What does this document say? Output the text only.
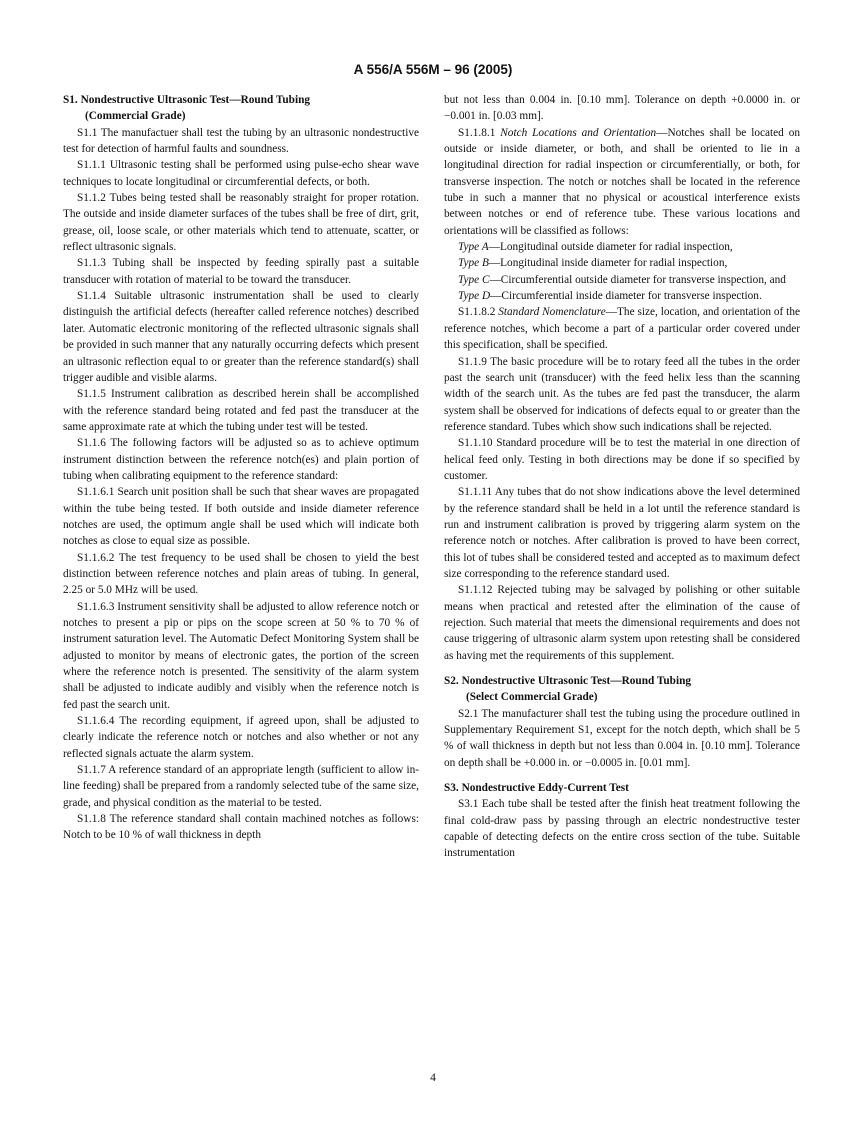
A 556/A 556M – 96 (2005)

S1. Nondestructive Ultrasonic Test—Round Tubing
(Commercial Grade)

S1.1 The manufactuer shall test the tubing by an ultrasonic nondestructive test for detection of harmful faults and soundness.

S1.1.1 Ultrasonic testing shall be performed using pulse-echo shear wave techniques to locate longitudinal or circumferential defects, or both.

S1.1.2 Tubes being tested shall be reasonably straight for proper rotation. The outside and inside diameter surfaces of the tubes shall be free of dirt, grit, grease, oil, loose scale, or other materials which tend to attenuate, scatter, or reflect ultrasonic signals.

S1.1.3 Tubing shall be inspected by feeding spirally past a suitable transducer with rotation of material to be toward the transducer.

S1.1.4 Suitable ultrasonic instrumentation shall be used to clearly distinguish the artificial defects (hereafter called reference notches) described later. Automatic electronic monitoring of the reflected ultrasonic signals shall be provided in such manner that any naturally occurring defects which present an ultrasonic reflection equal to or greater than the reference standard(s) shall trigger audible and visible alarms.

S1.1.5 Instrument calibration as described herein shall be accomplished with the reference standard being rotated and fed past the transducer at the same approximate rate at which the tubing under test will be tested.

S1.1.6 The following factors will be adjusted so as to achieve optimum instrument distinction between the reference notch(es) and plain portion of tubing when calibrating equipment to the reference standard:

S1.1.6.1 Search unit position shall be such that shear waves are propagated within the tube being tested. If both outside and inside diameter reference notches are used, the optimum angle shall be used which will indicate both notches as close to equal size as possible.

S1.1.6.2 The test frequency to be used shall be chosen to yield the best distinction between reference notches and plain areas of tubing. In general, 2.25 or 5.0 MHz will be used.

S1.1.6.3 Instrument sensitivity shall be adjusted to allow reference notch or notches to present a pip or pips on the scope screen at 50 % to 70 % of instrument saturation level. The Automatic Defect Monitoring System shall be adjusted to monitor by means of electronic gates, the portion of the screen where the reference notch is presented. The sensitivity of the alarm system shall be adjusted to indicate audibly and visibly when the reference notch is fed past the search unit.

S1.1.6.4 The recording equipment, if agreed upon, shall be adjusted to clearly indicate the reference notch or notches and also whether or not any reflected signals actuate the alarm system.

S1.1.7 A reference standard of an appropriate length (sufficient to allow in-line feeding) shall be prepared from a randomly selected tube of the same size, grade, and physical condition as the material to be tested.

S1.1.8 The reference standard shall contain machined notches as follows: Notch to be 10 % of wall thickness in depth

but not less than 0.004 in. [0.10 mm]. Tolerance on depth +0.0000 in. or −0.001 in. [0.03 mm].

S1.1.8.1 Notch Locations and Orientation—Notches shall be located on outside or inside diameter, or both, and shall be oriented to lie in a longitudinal direction for radial inspection or circumferentially, or both, for transverse inspection. The notch or notches shall be located in the reference tube in such a manner that no physical or acoustical interference exists between notches or end of reference tube. These various locations and orientations will be classified as follows:

Type A—Longitudinal outside diameter for radial inspection,

Type B—Longitudinal inside diameter for radial inspection,

Type C—Circumferential outside diameter for transverse inspection, and

Type D—Circumferential inside diameter for transverse inspection.

S1.1.8.2 Standard Nomenclature—The size, location, and orientation of the reference notches, which become a part of a particular order covered under this specification, shall be specified.

S1.1.9 The basic procedure will be to rotary feed all the tubes in the order past the search unit (transducer) with the feed helix less than the scanning width of the search unit. As the tubes are fed past the transducer, the alarm system shall be observed for indications of defects equal to or greater than the reference standard. Tubes which show such indications shall be rejected.

S1.1.10 Standard procedure will be to test the material in one direction of helical feed only. Testing in both directions may be done if so specified by customer.

S1.1.11 Any tubes that do not show indications above the level determined by the reference standard shall be held in a lot until the reference standard is run and instrument calibration is proved by triggering alarm system on the reference notch or notches. After calibration is proved to have been correct, this lot of tubes shall be considered tested and accepted as to maximum defect size corresponding to the reference standard used.

S1.1.12 Rejected tubing may be salvaged by polishing or other suitable means when practical and retested after the elimination of the cause of rejection. Such material that meets the dimensional requirements and does not cause triggering of ultrasonic alarm system upon retesting shall be considered as having met the requirements of this supplement.

S2. Nondestructive Ultrasonic Test—Round Tubing
(Select Commercial Grade)

S2.1 The manufacturer shall test the tubing using the procedure outlined in Supplementary Requirement S1, except for the notch depth, which shall be 5 % of wall thickness in depth but not less than 0.004 in. [0.10 mm]. Tolerance on depth shall be +0.000 in. or −0.0005 in. [0.01 mm].

S3. Nondestructive Eddy-Current Test

S3.1 Each tube shall be tested after the finish heat treatment following the final cold-draw pass by passing through an electric nondestructive tester capable of detecting defects on the entire cross section of the tube. Suitable instrumentation

4
